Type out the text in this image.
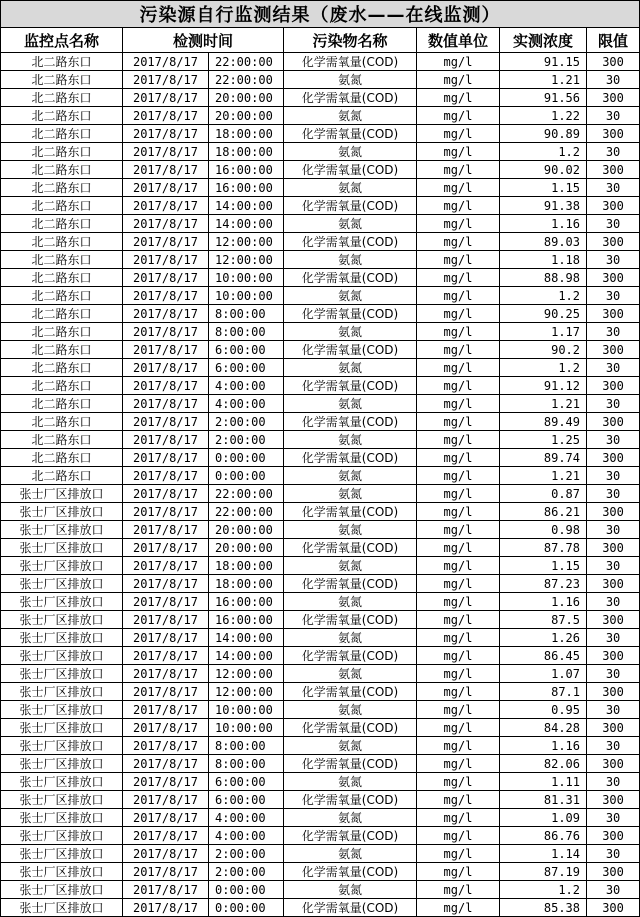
污染源自行监测结果（废水——在线监测）						
监控点名称	检测时间		污染物名称	数值单位	实测浓度	限值
北二路东口	2017/8/17	22:00:00	化学需氧量(COD)	mg/l	91.15	300
北二路东口	2017/8/17	22:00:00	氨氮	mg/l	1.21	30
北二路东口	2017/8/17	20:00:00	化学需氧量(COD)	mg/l	91.56	300
北二路东口	2017/8/17	20:00:00	氨氮	mg/l	1.22	30
北二路东口	2017/8/17	18:00:00	化学需氧量(COD)	mg/l	90.89	300
北二路东口	2017/8/17	18:00:00	氨氮	mg/l	1.2	30
北二路东口	2017/8/17	16:00:00	化学需氧量(COD)	mg/l	90.02	300
北二路东口	2017/8/17	16:00:00	氨氮	mg/l	1.15	30
北二路东口	2017/8/17	14:00:00	化学需氧量(COD)	mg/l	91.38	300
北二路东口	2017/8/17	14:00:00	氨氮	mg/l	1.16	30
北二路东口	2017/8/17	12:00:00	化学需氧量(COD)	mg/l	89.03	300
北二路东口	2017/8/17	12:00:00	氨氮	mg/l	1.18	30
北二路东口	2017/8/17	10:00:00	化学需氧量(COD)	mg/l	88.98	300
北二路东口	2017/8/17	10:00:00	氨氮	mg/l	1.2	30
北二路东口	2017/8/17	8:00:00	化学需氧量(COD)	mg/l	90.25	300
北二路东口	2017/8/17	8:00:00	氨氮	mg/l	1.17	30
北二路东口	2017/8/17	6:00:00	化学需氧量(COD)	mg/l	90.2	300
北二路东口	2017/8/17	6:00:00	氨氮	mg/l	1.2	30
北二路东口	2017/8/17	4:00:00	化学需氧量(COD)	mg/l	91.12	300
北二路东口	2017/8/17	4:00:00	氨氮	mg/l	1.21	30
北二路东口	2017/8/17	2:00:00	化学需氧量(COD)	mg/l	89.49	300
北二路东口	2017/8/17	2:00:00	氨氮	mg/l	1.25	30
北二路东口	2017/8/17	0:00:00	化学需氧量(COD)	mg/l	89.74	300
北二路东口	2017/8/17	0:00:00	氨氮	mg/l	1.21	30
张士厂区排放口	2017/8/17	22:00:00	氨氮	mg/l	0.87	30
张士厂区排放口	2017/8/17	22:00:00	化学需氧量(COD)	mg/l	86.21	300
张士厂区排放口	2017/8/17	20:00:00	氨氮	mg/l	0.98	30
张士厂区排放口	2017/8/17	20:00:00	化学需氧量(COD)	mg/l	87.78	300
张士厂区排放口	2017/8/17	18:00:00	氨氮	mg/l	1.15	30
张士厂区排放口	2017/8/17	18:00:00	化学需氧量(COD)	mg/l	87.23	300
张士厂区排放口	2017/8/17	16:00:00	氨氮	mg/l	1.16	30
张士厂区排放口	2017/8/17	16:00:00	化学需氧量(COD)	mg/l	87.5	300
张士厂区排放口	2017/8/17	14:00:00	氨氮	mg/l	1.26	30
张士厂区排放口	2017/8/17	14:00:00	化学需氧量(COD)	mg/l	86.45	300
张士厂区排放口	2017/8/17	12:00:00	氨氮	mg/l	1.07	30
张士厂区排放口	2017/8/17	12:00:00	化学需氧量(COD)	mg/l	87.1	300
张士厂区排放口	2017/8/17	10:00:00	氨氮	mg/l	0.95	30
张士厂区排放口	2017/8/17	10:00:00	化学需氧量(COD)	mg/l	84.28	300
张士厂区排放口	2017/8/17	8:00:00	氨氮	mg/l	1.16	30
张士厂区排放口	2017/8/17	8:00:00	化学需氧量(COD)	mg/l	82.06	300
张士厂区排放口	2017/8/17	6:00:00	氨氮	mg/l	1.11	30
张士厂区排放口	2017/8/17	6:00:00	化学需氧量(COD)	mg/l	81.31	300
张士厂区排放口	2017/8/17	4:00:00	氨氮	mg/l	1.09	30
张士厂区排放口	2017/8/17	4:00:00	化学需氧量(COD)	mg/l	86.76	300
张士厂区排放口	2017/8/17	2:00:00	氨氮	mg/l	1.14	30
张士厂区排放口	2017/8/17	2:00:00	化学需氧量(COD)	mg/l	87.19	300
张士厂区排放口	2017/8/17	0:00:00	氨氮	mg/l	1.2	30
张士厂区排放口	2017/8/17	0:00:00	化学需氧量(COD)	mg/l	85.38	300
